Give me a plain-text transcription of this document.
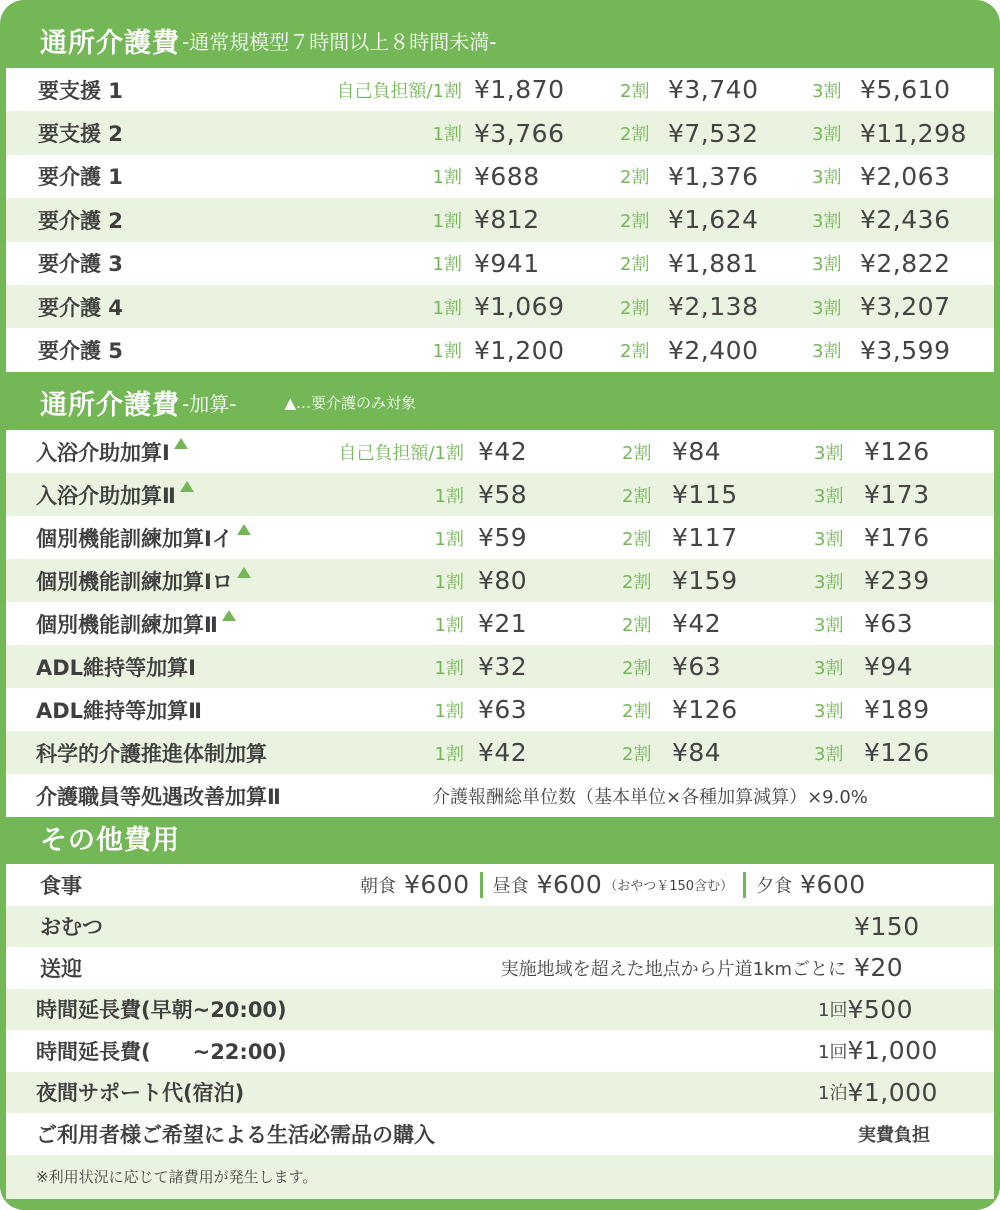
通所介護費 -通常規模型７時間以上８時間未満-
要支援 1	自己負担額/1割 ¥1,870	2割 ¥3,740	3割 ¥5,610
要支援 2	1割 ¥3,766	2割 ¥7,532	3割 ¥11,298
要介護 1	1割 ¥688	2割 ¥1,376	3割 ¥2,063
要介護 2	1割 ¥812	2割 ¥1,624	3割 ¥2,436
要介護 3	1割 ¥941	2割 ¥1,881	3割 ¥2,822
要介護 4	1割 ¥1,069	2割 ¥2,138	3割 ¥3,207
要介護 5	1割 ¥1,200	2割 ¥2,400	3割 ¥3,599
通所介護費 -加算-	▲…要介護のみ対象
入浴介助加算Ⅰ	自己負担額/1割 ¥42	2割 ¥84	3割 ¥126
入浴介助加算Ⅱ	1割 ¥58	2割 ¥115	3割 ¥173
個別機能訓練加算Ⅰイ	1割 ¥59	2割 ¥117	3割 ¥176
個別機能訓練加算Ⅰロ	1割 ¥80	2割 ¥159	3割 ¥239
個別機能訓練加算Ⅱ	1割 ¥21	2割 ¥42	3割 ¥63
ADL維持等加算Ⅰ	1割 ¥32	2割 ¥63	3割 ¥94
ADL維持等加算Ⅱ	1割 ¥63	2割 ¥126	3割 ¥189
科学的介護推進体制加算	1割 ¥42	2割 ¥84	3割 ¥126
介護職員等処遇改善加算Ⅱ	介護報酬総単位数（基本単位×各種加算減算）×9.0%
その他費用
食事	朝食 ¥600 昼食 ¥600 （おやつ￥150含む） 夕食 ¥600
おむつ	¥150
送迎	実施地域を超えた地点から片道1kmごとに ¥20
時間延長費(早朝~20:00)	1回 ¥500
時間延長費(　　~22:00)	1回 ¥1,000
夜間サポート代(宿泊)	1泊 ¥1,000
ご利用者様ご希望による生活必需品の購入	実費負担
※利用状況に応じて諸費用が発生します。
